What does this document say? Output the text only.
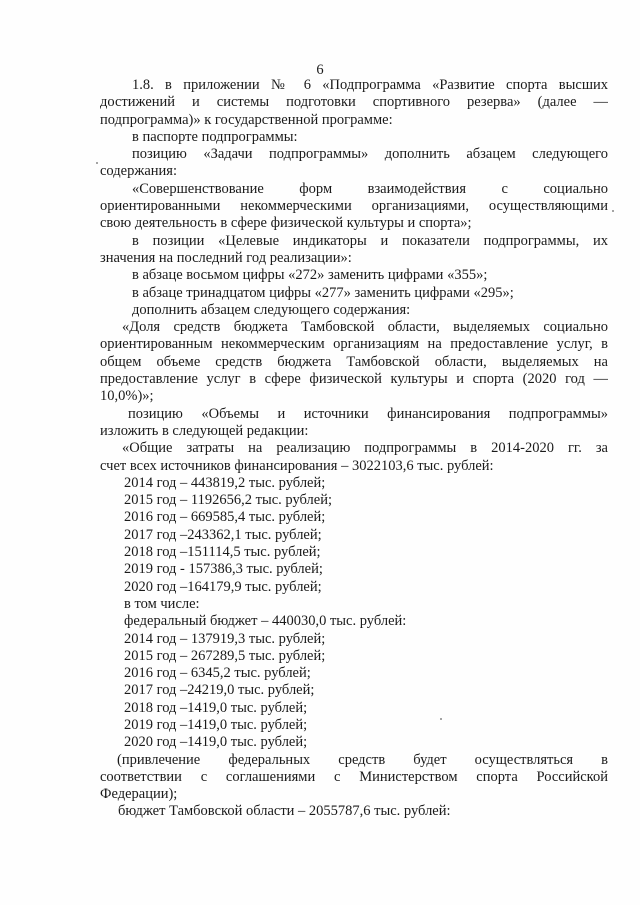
6
1.8. в приложении № 6 «Подпрограмма «Развитие спорта высших
достижений и системы подготовки спортивного резерва» (далее —
подпрограмма)» к государственной программе:
в паспорте подпрограммы:
позицию «Задачи подпрограммы» дополнить абзацем следующего
содержания:
«Совершенствование форм взаимодействия с социально
ориентированными некоммерческими организациями, осуществляющими
свою деятельность в сфере физической культуры и спорта»;
в позиции «Целевые индикаторы и показатели подпрограммы, их
значения на последний год реализации»:
в абзаце восьмом цифры «272» заменить цифрами «355»;
в абзаце тринадцатом цифры «277» заменить цифрами «295»;
дополнить абзацем следующего содержания:
«Доля средств бюджета Тамбовской области, выделяемых социально
ориентированным некоммерческим организациям на предоставление услуг, в
общем объеме средств бюджета Тамбовской области, выделяемых на
предоставление услуг в сфере физической культуры и спорта (2020 год —
10,0%)»;
позицию «Объемы и источники финансирования подпрограммы»
изложить в следующей редакции:
«Общие затраты на реализацию подпрограммы в 2014-2020 гг. за
счет всех источников финансирования – 3022103,6 тыс. рублей:
2014 год – 443819,2 тыс. рублей;
2015 год – 1192656,2 тыс. рублей;
2016 год – 669585,4 тыс. рублей;
2017 год –243362,1 тыс. рублей;
2018 год –151114,5 тыс. рублей;
2019 год - 157386,3 тыс. рублей;
2020 год –164179,9 тыс. рублей;
в том числе:
федеральный бюджет – 440030,0 тыс. рублей:
2014 год – 137919,3 тыс. рублей;
2015 год – 267289,5 тыс. рублей;
2016 год – 6345,2 тыс. рублей;
2017 год –24219,0 тыс. рублей;
2018 год –1419,0 тыс. рублей;
2019 год –1419,0 тыс. рублей;
2020 год –1419,0 тыс. рублей;
(привлечение федеральных средств будет осуществляться в
соответствии с соглашениями с Министерством спорта Российской
Федерации);
бюджет Тамбовской области – 2055787,6 тыс. рублей:
